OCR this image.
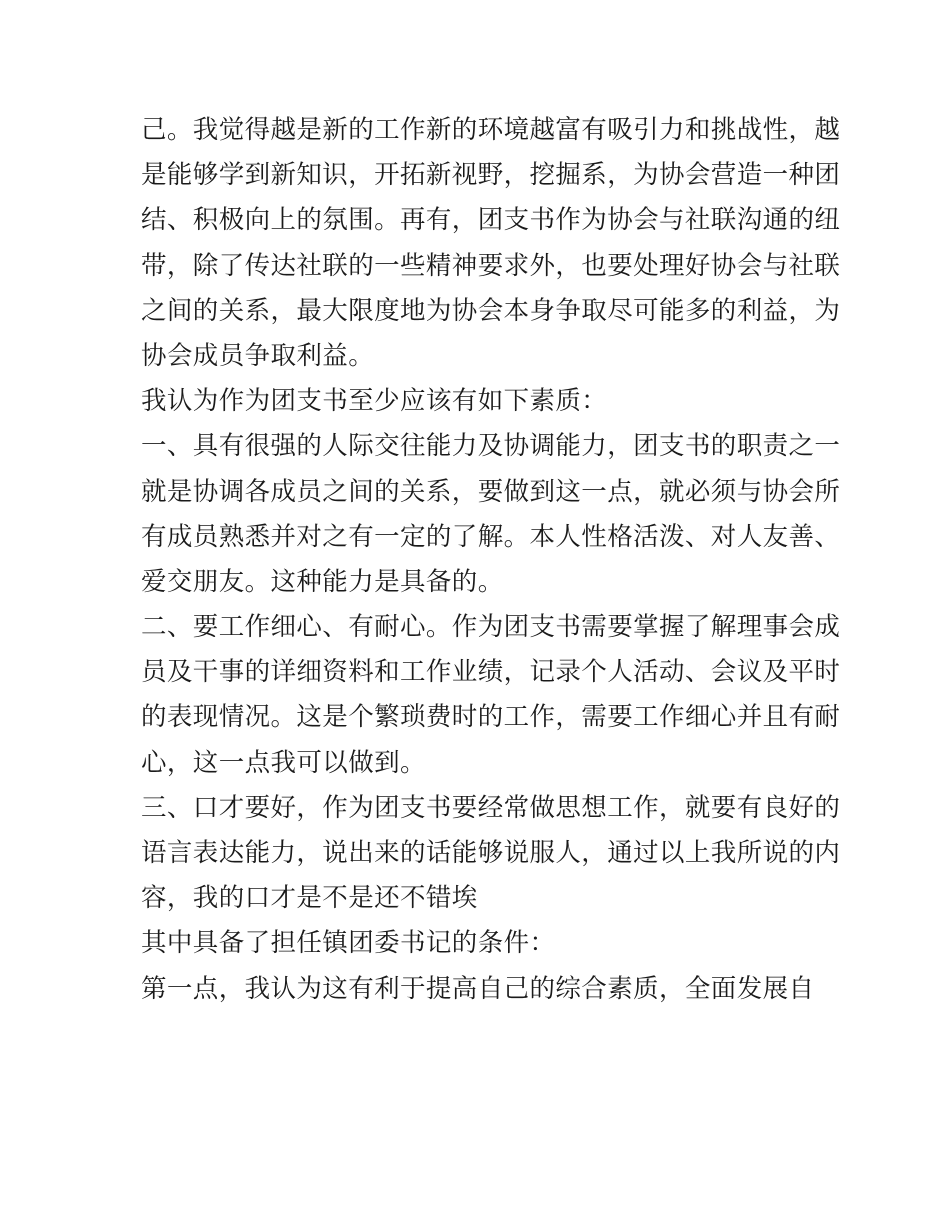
己。我觉得越是新的工作新的环境越富有吸引力和挑战性，越
是能够学到新知识，开拓新视野，挖掘系，为协会营造一种团
结、积极向上的氛围。再有，团支书作为协会与社联沟通的纽
带，除了传达社联的一些精神要求外，也要处理好协会与社联
之间的关系，最大限度地为协会本身争取尽可能多的利益，为
协会成员争取利益。
我认为作为团支书至少应该有如下素质：
一、具有很强的人际交往能力及协调能力，团支书的职责之一
就是协调各成员之间的关系，要做到这一点，就必须与协会所
有成员熟悉并对之有一定的了解。本人性格活泼、对人友善、
爱交朋友。这种能力是具备的。
二、要工作细心、有耐心。作为团支书需要掌握了解理事会成
员及干事的详细资料和工作业绩，记录个人活动、会议及平时
的表现情况。这是个繁琐费时的工作，需要工作细心并且有耐
心，这一点我可以做到。
三、口才要好，作为团支书要经常做思想工作，就要有良好的
语言表达能力，说出来的话能够说服人，通过以上我所说的内
容，我的口才是不是还不错埃
其中具备了担任镇团委书记的条件：
第一点，我认为这有利于提高自己的综合素质，全面发展自
